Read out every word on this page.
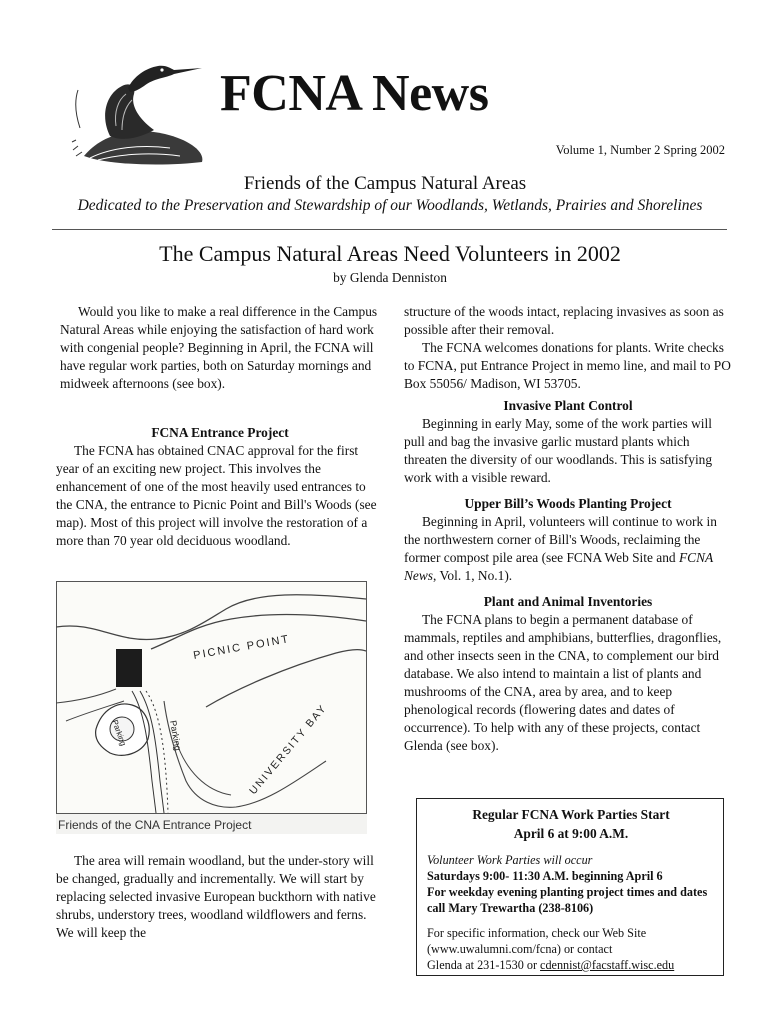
FCNA News
Volume 1, Number 2 Spring 2002
Friends of the Campus Natural Areas
Dedicated to the Preservation and Stewardship of our Woodlands, Wetlands, Prairies and Shorelines
The Campus Natural Areas Need Volunteers in 2002
by Glenda Denniston

Would you like to make a real difference in the Campus Natural Areas while enjoying the satisfaction of hard work with congenial people? Beginning in April, the FCNA will have regular work parties, both on Saturday mornings and midweek afternoons (see box).

FCNA Entrance Project

The FCNA has obtained CNAC approval for the first year of an exciting new project. This involves the enhancement of one of the most heavily used entrances to the CNA, the entrance to Picnic Point and Bill's Woods (see map). Most of this project will involve the restoration of a more than 70 year old deciduous woodland.

PICNIC POINT
UNIVERSITY BAY
Parking
Parking
Friends of the CNA Entrance Project

The area will remain woodland, but the under-story will be changed, gradually and incrementally. We will start by replacing selected invasive European buckthorn with native shrubs, understory trees, woodland wildflowers and ferns. We will keep the

structure of the woods intact, replacing invasives as soon as possible after their removal.

The FCNA welcomes donations for plants. Write checks to FCNA, put Entrance Project in memo line, and mail to PO Box 55056/ Madison, WI 53705.

Invasive Plant Control

Beginning in early May, some of the work parties will pull and bag the invasive garlic mustard plants which threaten the diversity of our woodlands. This is satisfying work with a visible reward.

Upper Bill’s Woods Planting Project

Beginning in April, volunteers will continue to work in the northwestern corner of Bill's Woods, reclaiming the former compost pile area (see FCNA Web Site and FCNA News, Vol. 1, No.1).

Plant and Animal Inventories

The FCNA plans to begin a permanent database of mammals, reptiles and amphibians, butterflies, dragonflies, and other insects seen in the CNA, to complement our bird database. We also intend to maintain a list of plants and mushrooms of the CNA, area by area, and to keep phenological records (flowering dates and dates of occurrence). To help with any of these projects, contact Glenda (see box).

Regular FCNA Work Parties Start
April 6 at 9:00 A.M.
Volunteer Work Parties will occur
Saturdays 9:00- 11:30 A.M. beginning April 6
For weekday evening planting project times and dates call Mary Trewartha (238-8106)
For specific information, check our Web Site (www.uwalumni.com/fcna) or contact
Glenda at 231-1530 or cdennist@facstaff.wisc.edu
